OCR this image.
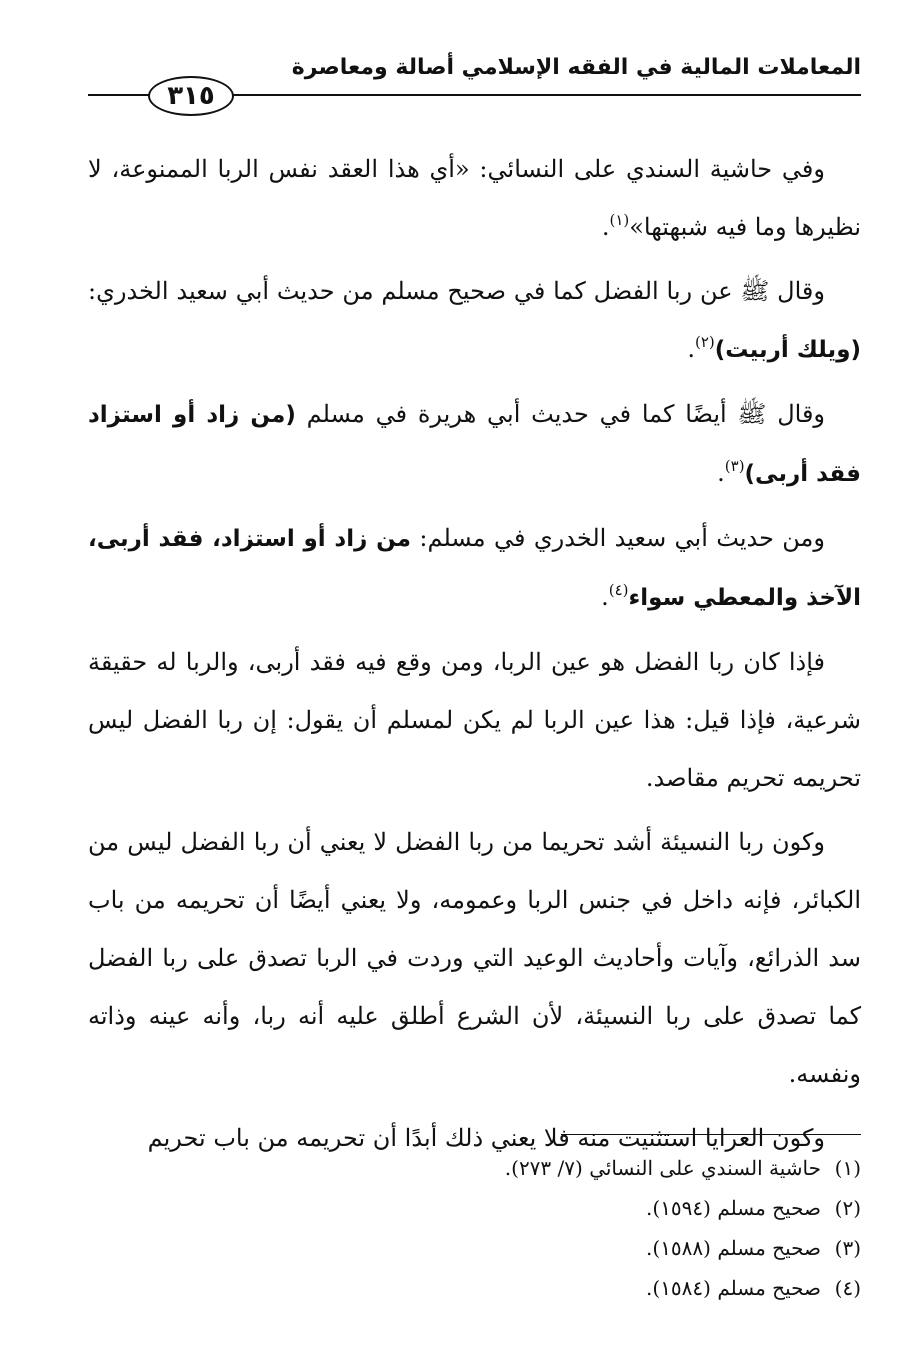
المعاملات المالية في الفقه الإسلامي أصالة ومعاصرة
٣١٥

وفي حاشية السندي على النسائي: «أي هذا العقد نفس الربا الممنوعة، لا نظيرها وما فيه شبهتها»$^{(١)}$.

وقال ﷺ عن ربا الفضل كما في صحيح مسلم من حديث أبي سعيد الخدري: (ويلك أربيت)$^{(٢)}$.

وقال ﷺ أيضًا كما في حديث أبي هريرة في مسلم (من زاد أو استزاد فقد أربى)$^{(٣)}$.

ومن حديث أبي سعيد الخدري في مسلم: من زاد أو استزاد، فقد أربى، الآخذ والمعطي سواء$^{(٤)}$.

فإذا كان ربا الفضل هو عين الربا، ومن وقع فيه فقد أربى، والربا له حقيقة شرعية، فإذا قيل: هذا عين الربا لم يكن لمسلم أن يقول: إن ربا الفضل ليس تحريمه تحريم مقاصد.

وكون ربا النسيئة أشد تحريما من ربا الفضل لا يعني أن ربا الفضل ليس من الكبائر، فإنه داخل في جنس الربا وعمومه، ولا يعني أيضًا أن تحريمه من باب سد الذرائع، وآيات وأحاديث الوعيد التي وردت في الربا تصدق على ربا الفضل كما تصدق على ربا النسيئة، لأن الشرع أطلق عليه أنه ربا، وأنه عينه وذاته ونفسه.

وكون العرايا استثنيت منه فلا يعني ذلك أبدًا أن تحريمه من باب تحريم

(١)حاشية السندي على النسائي (٧/ ٢٧٣).

(٢)صحيح مسلم (١٥٩٤).

(٣)صحيح مسلم (١٥٨٨).

(٤)صحيح مسلم (١٥٨٤).
